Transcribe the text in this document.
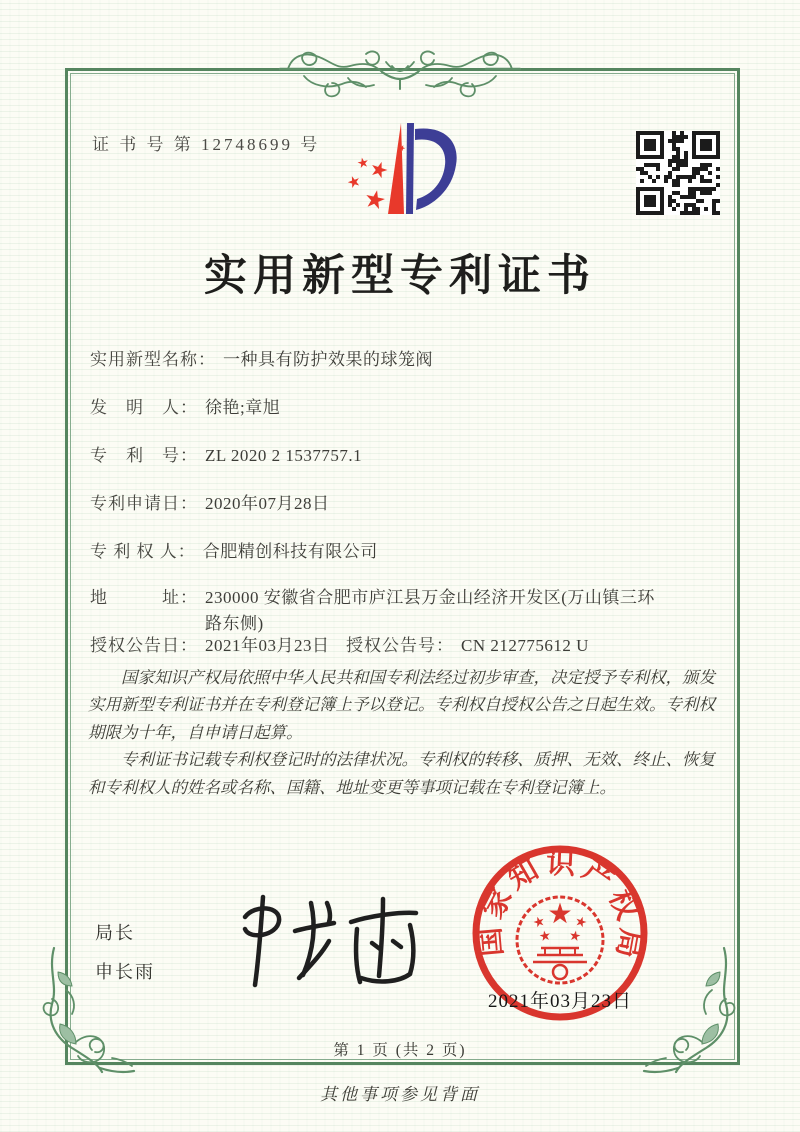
证 书 号 第 12748699 号
实用新型专利证书
实用新型名称： 一种具有防护效果的球笼阀
发　明　人： 徐艳;章旭
专　利　号： ZL 2020 2 1537757.1
专利申请日： 2020年07月28日
专 利 权 人： 合肥精创科技有限公司
地　　　址： 230000 安徽省合肥市庐江县万金山经济开发区(万山镇三环路东侧)
授权公告日： 2021年03月23日 授权公告号： CN 212775612 U

国家知识产权局依照中华人民共和国专利法经过初步审查，决定授予专利权，颁发实用新型专利证书并在专利登记簿上予以登记。专利权自授权公告之日起生效。专利权期限为十年，自申请日起算。

专利证书记载专利权登记时的法律状况。专利权的转移、质押、无效、终止、恢复和专利权人的姓名或名称、国籍、地址变更等事项记载在专利登记簿上。

局长
申长雨
国家知识产权局
2021年03月23日
第 1 页 (共 2 页)
其他事项参见背面
